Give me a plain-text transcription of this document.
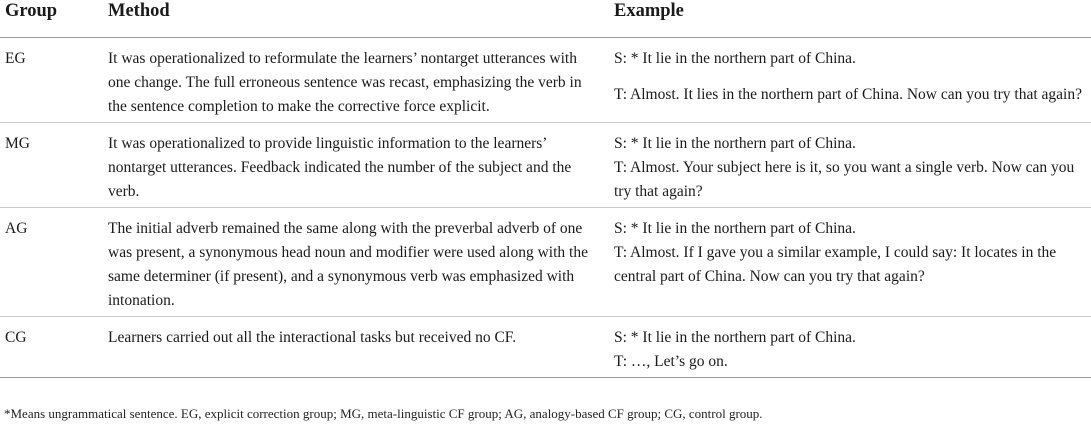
Group	Method	Example
EG	It was operationalized to reformulate the learners’ nontarget utterances with one change. The full erroneous sentence was recast, emphasizing the verb in the sentence completion to make the corrective force explicit.	S: * It lie in the northern part of China.
T: Almost. It lies in the northern part of China. Now can you try that again?

MG	It was operationalized to provide linguistic information to the learners’ nontarget utterances. Feedback indicated the number of the subject and the verb.	S: * It lie in the northern part of China.
T: Almost. Your subject here is it, so you want a single verb. Now can you try that again?

AG	The initial adverb remained the same along with the preverbal adverb of one was present, a synonymous head noun and modifier were used along with the same determiner (if present), and a synonymous verb was emphasized with intonation.	S: * It lie in the northern part of China.
T: Almost. If I gave you a similar example, I could say: It locates in the central part of China. Now can you try that again?

CG	Learners carried out all the interactional tasks but received no CF.	S: * It lie in the northern part of China.
T: …, Let’s go on.
*Means ungrammatical sentence. EG, explicit correction group; MG, meta-linguistic CF group; AG, analogy-based CF group; CG, control group.
